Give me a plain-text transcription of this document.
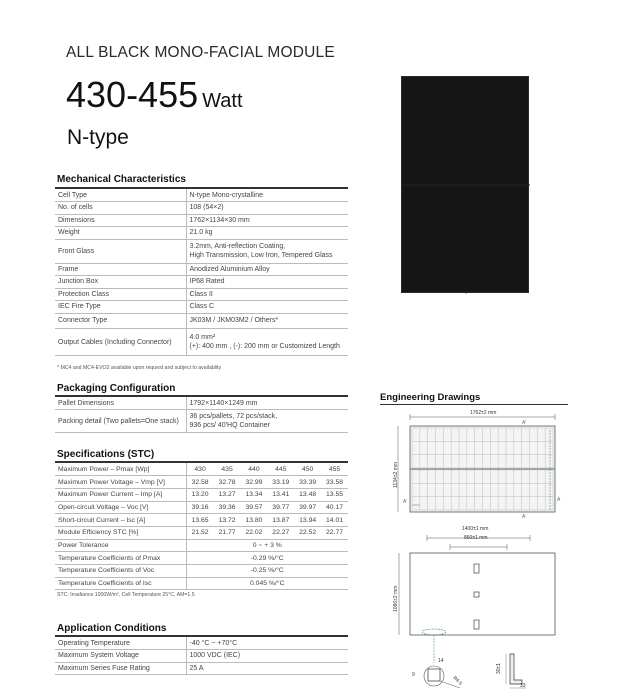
ALL BLACK MONO-FACIAL MODULE
430-455 Watt
N-type
Mechanical Characteristics
Cell Type	N-type Mono-crystalline

No. of cells	108 (54×2)

Dimensions	1762×1134×30 mm

Weight	21.0 kg

Front Glass	3.2mm, Anti-reflection Coating,
High Transmission, Low Iron, Tempered Glass

Frame	Anodized Aluminium Alloy

Junction Box	IP68 Rated

Protection Class	Class II

IEC Fire Type	Class C

Connector Type	JK03M / JKM03M2 / Others*

Output Cables (Including Connector)	4.0 mm²
(+): 400 mm , (-): 200 mm or Customized Length
* MC4 and MC4-EVO2 available upon request and subject to availablity
Packaging Configuration
Pallet Dimensions	1792×1140×1249 mm

Packing detail (Two pallets=One stack)	36 pcs/pallets, 72 pcs/stack,
936 pcs/ 40'HQ Container
Specifications (STC)
Maximum Power – Pmax [Wp]	430	435	440	445	450	455
Maximum Power Voltage – Vmp [V]	32.58	32.78	32.99	33.19	33.39	33.58
Maximum Power Current – Imp [A]	13.20	13.27	13.34	13.41	13.48	13.55
Open-circuit Voltage – Voc [V]	39.16	39.36	39.57	39.77	39.97	40.17
Short-circuit Current – Isc [A]	13.65	13.72	13.80	13.87	13.94	14.01
Module Efficiency STC [%]	21.52	21.77	22.02	22.27	22.52	22.77
Power Tolerance	0 ~ + 3 %					
Temperature Coefficients of Pmax	-0.29 %/°C					
Temperature Coefficients of Voc	-0.25 %/°C					
Temperature Coefficients of Isc	0.045 %/°C					
STC: Irradiance 1000W/m², Cell Temperature 25°C, AM=1.5
Application Conditions
Operating Temperature	-40 °C ~ +70°C

Maximum System Voltage	1000 VDC (IEC)

Maximum Series Fuse Rating	25 A
Engineering Drawings
1762±2 mm
1134±2 mm
A'
A'	A
A
1400±1 mm
860±1 mm
1086±2 mm
14
9
R4.5
30±1
33
